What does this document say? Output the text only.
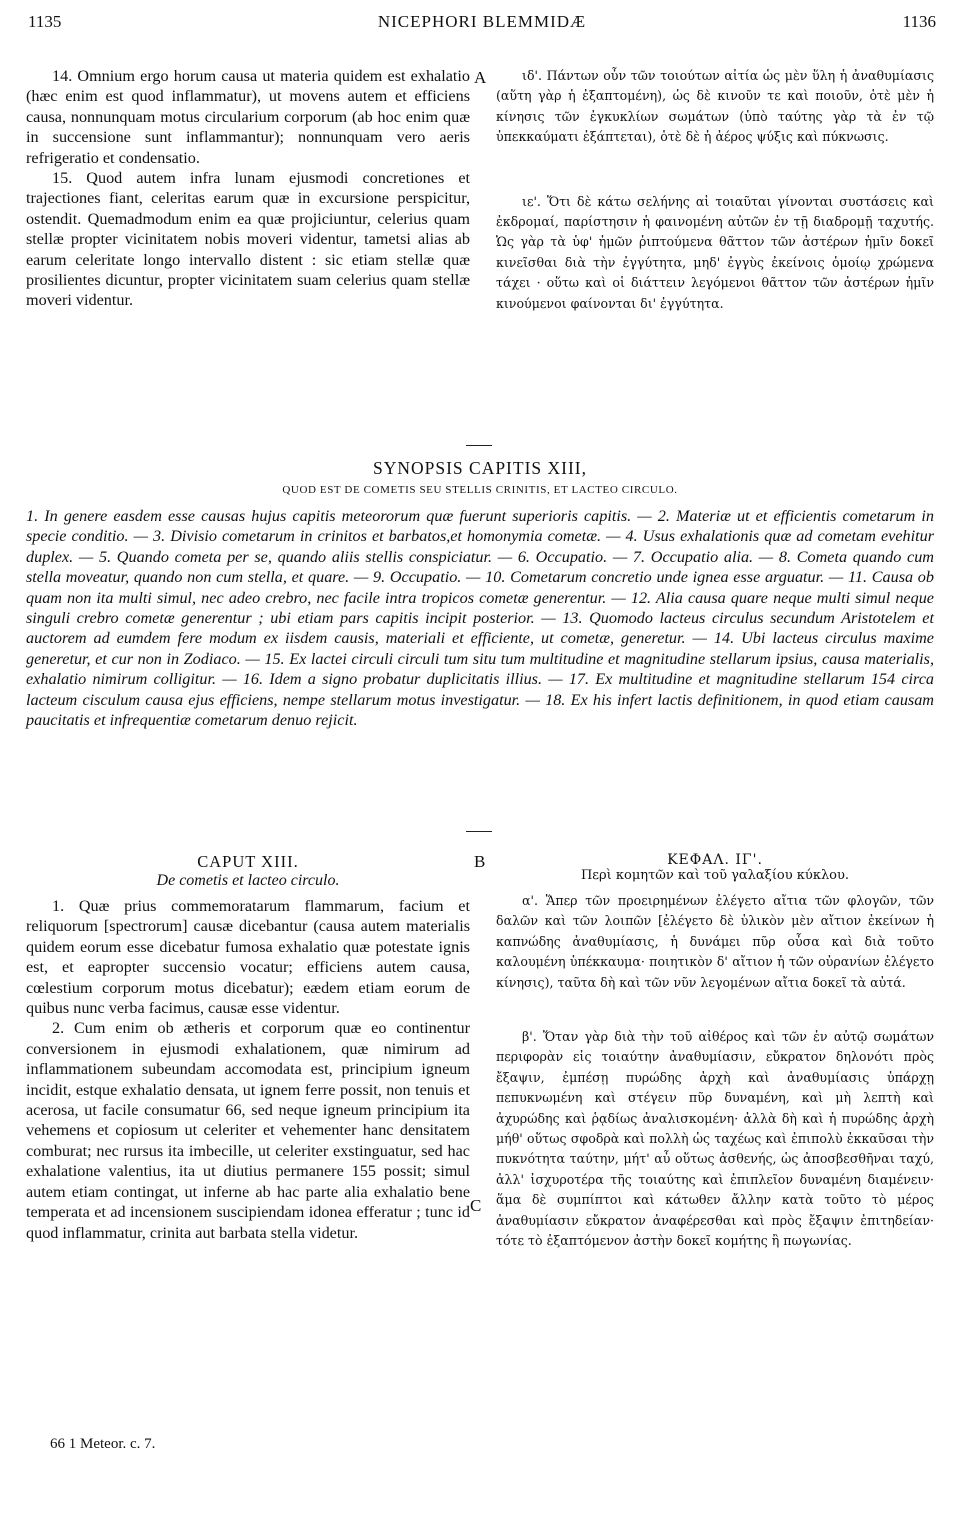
1135	NICEPHORI BLEMMIDÆ	1136

14. Omnium ergo horum causa ut materia quidem est exhalatio (hæc enim est quod inflammatur), ut movens autem et efficiens causa, nonnunquam motus circularium corporum (ab hoc enim quæ in succensione sunt inflammantur); nonnunquam vero aeris refrigeratio et condensatio.

15. Quod autem infra lunam ejusmodi concretiones et trajectiones fiant, celeritas earum quæ in excursione perspicitur, ostendit. Quemadmodum enim ea quæ projiciuntur, celerius quam stellæ propter vicinitatem nobis moveri videntur, tametsi alias ab earum celeritate longo intervallo distent : sic etiam stellæ quæ prosilientes dicuntur, propter vicinitatem suam celerius quam stellæ moveri videntur.

A	ιδ'. Πάντων οὖν τῶν τοιούτων αἰτία ὡς μὲν ὕλη ἡ ἀναθυμίασις (αὕτη γὰρ ἡ ἐξαπτομένη), ὡς δὲ κινοῦν τε καὶ ποιοῦν, ὁτὲ μὲν ἡ κίνησις τῶν ἐγκυκλίων σωμάτων (ὑπὸ ταύτης γὰρ τὰ ἐν τῷ ὑπεκκαύματι ἐξάπτεται), ὁτὲ δὲ ἡ ἀέρος ψύξις καὶ πύκνωσις.

ιε'. Ὅτι δὲ κάτω σελήνης αἱ τοιαῦται γίνονται συστάσεις καὶ ἐκδρομαί, παρίστησιν ἡ φαινομένη αὐτῶν ἐν τῇ διαδρομῇ ταχυτής. Ὡς γὰρ τὰ ὑφ' ἡμῶν ῥιπτούμενα θᾶττον τῶν ἀστέρων ἡμῖν δοκεῖ κινεῖσθαι διὰ τὴν ἐγγύτητα, μηδ' ἐγγὺς ἐκείνοις ὁμοίῳ χρώμενα τάχει · οὕτω καὶ οἱ διάττειν λεγόμενοι θᾶττον τῶν ἀστέρων ἡμῖν κινούμενοι φαίνονται δι' ἐγγύτητα.

SYNOPSIS CAPITIS XIII,
QUOD EST DE COMETIS SEU STELLIS CRINITIS, ET LACTEO CIRCULO.
1. In genere easdem esse causas hujus capitis meteororum quæ fuerunt superioris capitis. — 2. Materiæ ut et efficientis cometarum in specie conditio. — 3. Divisio cometarum in crinitos et barbatos,et homonymia cometæ. — 4. Usus exhalationis quæ ad cometam evehitur duplex. — 5. Quando cometa per se, quando aliis stellis conspiciatur. — 6. Occupatio. — 7. Occupatio alia. — 8. Cometa quando cum stella moveatur, quando non cum stella, et quare. — 9. Occupatio. — 10. Cometarum concretio unde ignea esse arguatur. — 11. Causa ob quam non ita multi simul, nec adeo crebro, nec facile intra tropicos cometæ generentur. — 12. Alia causa quare neque multi simul neque singuli crebro cometæ generentur ; ubi etiam pars capitis incipit posterior. — 13. Quomodo lacteus circulus secundum Aristotelem et auctorem ad eumdem fere modum ex iisdem causis, materiali et efficiente, ut cometæ, generetur. — 14. Ubi lacteus circulus maxime generetur, et cur non in Zodiaco. — 15. Ex lactei circuli circuli tum situ tum multitudine et magnitudine stellarum ipsius, causa materialis, exhalatio nimirum colligitur. — 16. Idem a signo probatur duplicitatis illius. — 17. Ex multitudine et magnitudine stellarum 154 circa lacteum cisculum causa ejus efficiens, nempe stellarum motus investigatur. — 18. Ex his infert lactis definitionem, in quod etiam causam paucitatis et infrequentiæ cometarum denuo rejicit.
CAPUT XIII.
De cometis et lacteo circulo.

1. Quæ prius commemoratarum flammarum, facium et reliquorum [spectrorum] causæ dicebantur (causa autem materialis quidem eorum esse dicebatur fumosa exhalatio quæ potestate ignis est, et eapropter succensio vocatur; efficiens autem causa, cœlestium corporum motus dicebatur); eædem etiam eorum de quibus nunc verba facimus, causæ esse videntur.

2. Cum enim ob ætheris et corporum quæ eo continentur conversionem in ejusmodi exhalationem, quæ nimirum ad inflammationem subeundam accomodata est, principium igneum incidit, estque exhalatio densata, ut ignem ferre possit, non tenuis et acerosa, ut facile consumatur 66, sed neque igneum principium ita vehemens et copiosum ut celeriter et vehementer hanc densitatem comburat; nec rursus ita imbecille, ut celeriter exstinguatur, sed hac exhalatione valentius, ita ut diutius permanere 155 possit; simul autem etiam contingat, ut inferne ab hac parte alia exhalatio bene temperata et ad incensionem suscipiendam idonea efferatur ; tunc id quod inflammatur, crinita aut barbata stella videtur.

B
C
ΚΕΦΑΛ. ΙΓ'.
Περὶ κομητῶν καὶ τοῦ γαλαξίου κύκλου.

α'. Ἅπερ τῶν προειρημένων ἐλέγετο αἴτια τῶν φλογῶν, τῶν δαλῶν καὶ τῶν λοιπῶν [ἐλέγετο δὲ ὑλικὸν μὲν αἴτιον ἐκείνων ἡ καπνώδης ἀναθυμίασις, ἡ δυνάμει πῦρ οὖσα καὶ διὰ τοῦτο καλουμένη ὑπέκκαυμα· ποιητικὸν δ' αἴτιον ἡ τῶν οὐρανίων ἐλέγετο κίνησις), ταῦτα δὴ καὶ τῶν νῦν λεγομένων αἴτια δοκεῖ τὰ αὐτά.

β'. Ὅταν γὰρ διὰ τὴν τοῦ αἰθέρος καὶ τῶν ἐν αὐτῷ σωμάτων περιφορὰν εἰς τοιαύτην ἀναθυμίασιν, εὔκρατον δηλονότι πρὸς ἔξαψιν, ἐμπέσῃ πυρώδης ἀρχὴ καὶ ἀναθυμίασις ὑπάρχῃ πεπυκνωμένη καὶ στέγειν πῦρ δυναμένη, καὶ μὴ λεπτὴ καὶ ἀχυρώδης καὶ ῥᾳδίως ἀναλισκομένη· ἀλλὰ δὴ καὶ ἡ πυρώδης ἀρχὴ μήθ' οὕτως σφοδρὰ καὶ πολλὴ ὡς ταχέως καὶ ἐπιπολὺ ἐκκαῦσαι τὴν πυκνότητα ταύτην, μήτ' αὖ οὕτως ἀσθενής, ὡς ἀποσβεσθῆναι ταχύ, ἀλλ' ἰσχυροτέρα τῆς τοιαύτης καὶ ἐπιπλεῖον δυναμένη διαμένειν· ἅμα δὲ συμπίπτοι καὶ κάτωθεν ἄλλην κατὰ τοῦτο τὸ μέρος ἀναθυμίασιν εὔκρατον ἀναφέρεσθαι καὶ πρὸς ἔξαψιν ἐπιτηδείαν· τότε τὸ ἐξαπτόμενον ἀστὴν δοκεῖ κομήτης ἢ πωγωνίας.

66 1 Meteor. c. 7.
